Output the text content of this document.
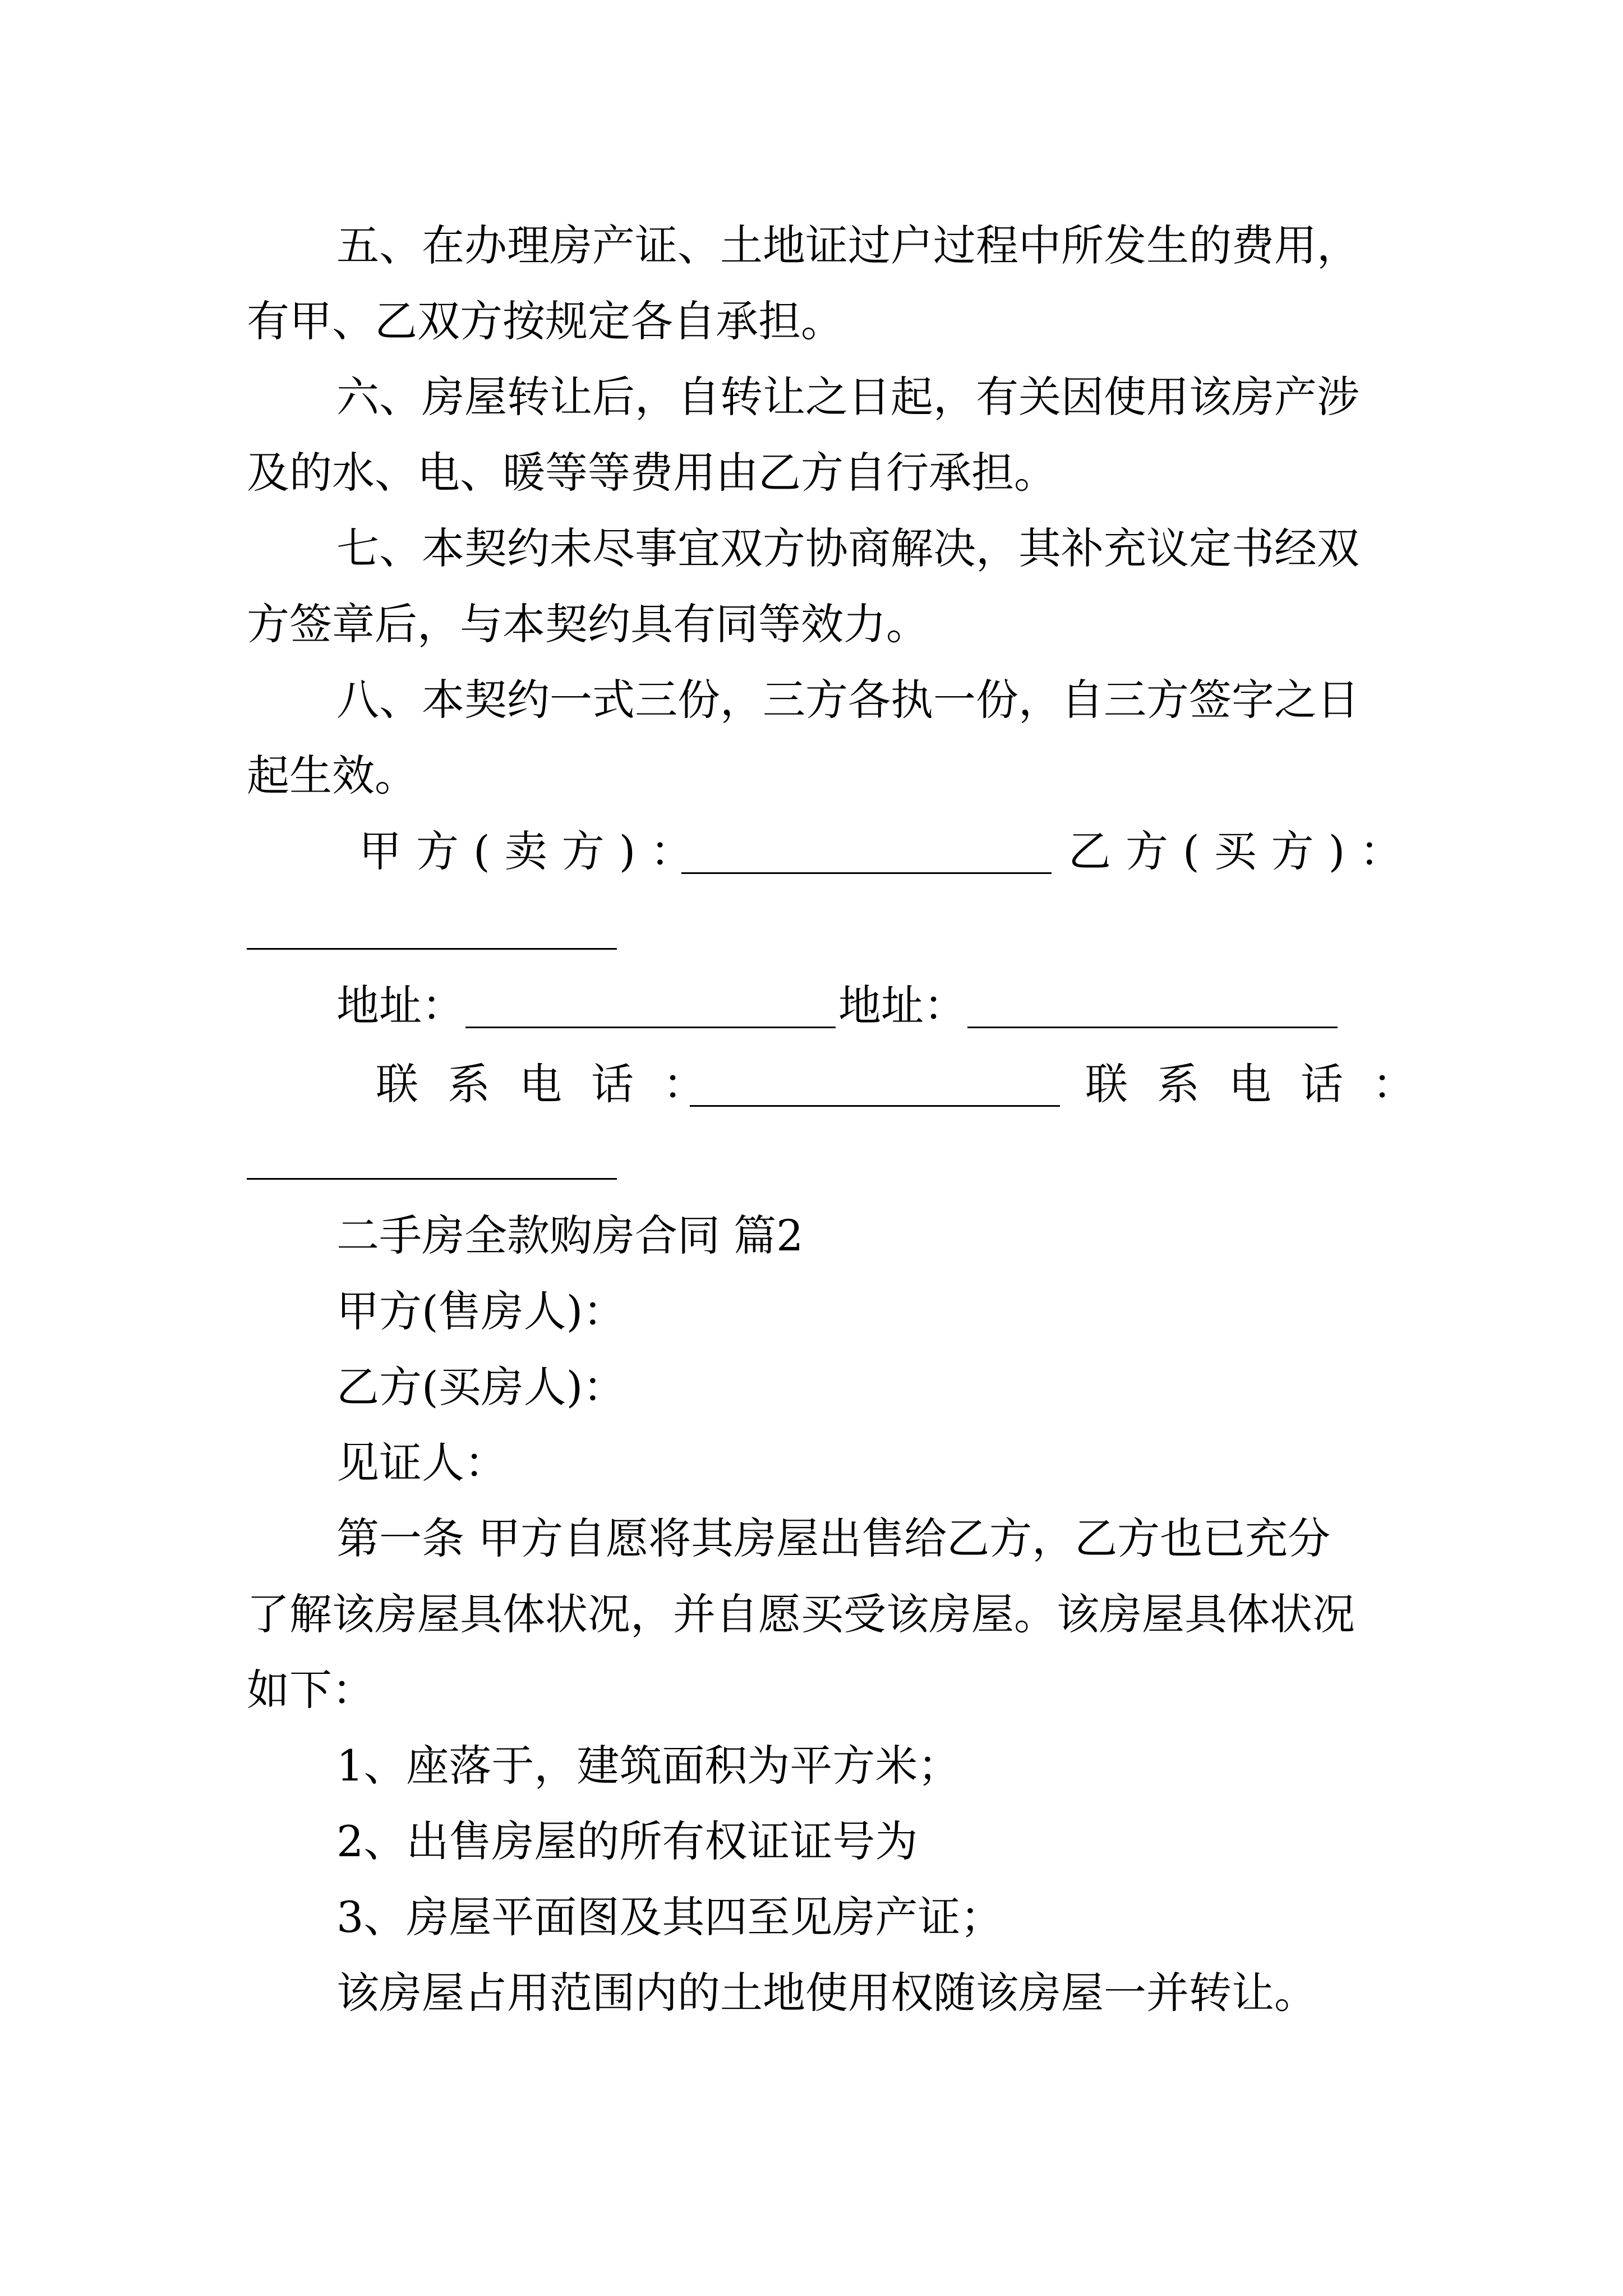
五、在办理房产证、土地证过户过程中所发生的费用，
有甲、乙双方按规定各自承担。
六、房屋转让后，自转让之日起，有关因使用该房产涉
及的水、电、暖等等费用由乙方自行承担。
七、本契约未尽事宜双方协商解决，其补充议定书经双
方签章后，与本契约具有同等效力。
八、本契约一式三份，三方各执一份，自三方签字之日
起生效。
甲方(卖方)：	乙方(买方)：
地址：	地址：
联系电话：	联系电话：
二手房全款购房合同 篇2
甲方(售房人)：
乙方(买房人)：
见证人：
第一条 甲方自愿将其房屋出售给乙方，乙方也已充分
了解该房屋具体状况，并自愿买受该房屋。该房屋具体状况
如下：
1、座落于，建筑面积为平方米；
2、出售房屋的所有权证证号为
3、房屋平面图及其四至见房产证；
该房屋占用范围内的土地使用权随该房屋一并转让。
